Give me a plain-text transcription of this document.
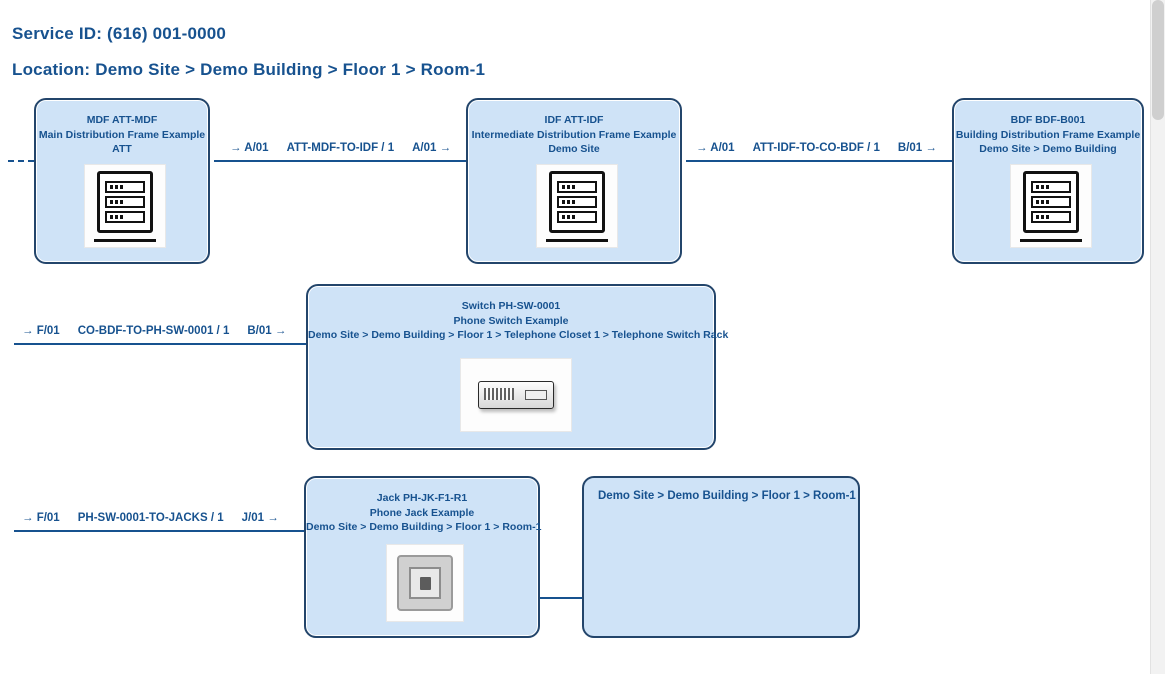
Service ID: (616) 001-0000
Location: Demo Site > Demo Building > Floor 1 > Room-1
MDF ATT-MDF
Main Distribution Frame Example
ATT	→ A/01 ATT-MDF-TO-IDF / 1 A/01 →
IDF ATT-IDF
Intermediate Distribution Frame Example
Demo Site	→ A/01 ATT-IDF-TO-CO-BDF / 1 B/01 →
BDF BDF-B001
Building Distribution Frame Example
Demo Site > Demo Building
→ F/01 CO-BDF-TO-PH-SW-0001 / 1 B/01 →
Switch PH-SW-0001
Phone Switch Example
Demo Site > Demo Building > Floor 1 > Telephone Closet 1 > Telephone Switch Rack
→ F/01 PH-SW-0001-TO-JACKS / 1 J/01 →
Jack PH-JK-F1-R1
Phone Jack Example
Demo Site > Demo Building > Floor 1 > Room-1
Demo Site > Demo Building > Floor 1 > Room-1
